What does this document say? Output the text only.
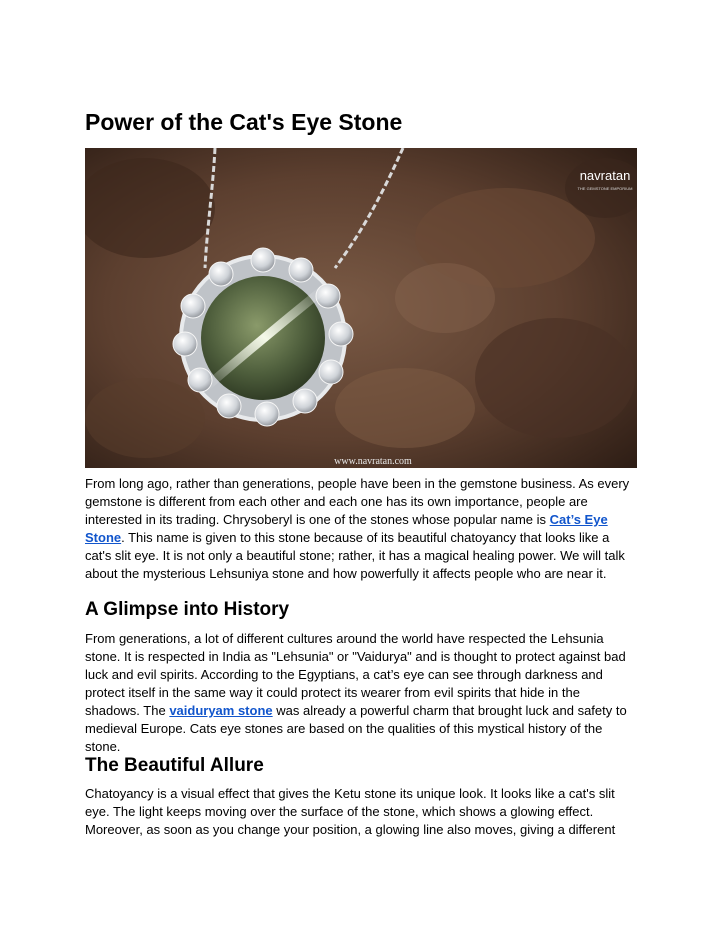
Power of the Cat's Eye Stone
navratan
THE GEMSTONE EMPORIUM
www.navratan.com

From long ago, rather than generations, people have been in the gemstone business. As every gemstone is different from each other and each one has its own importance, people are interested in its trading. Chrysoberyl is one of the stones whose popular name is Cat’s Eye Stone. This name is given to this stone because of its beautiful chatoyancy that looks like a cat's slit eye. It is not only a beautiful stone; rather, it has a magical healing power. We will talk about the mysterious Lehsuniya stone and how powerfully it affects people who are near it.

A Glimpse into History

From generations, a lot of different cultures around the world have respected the Lehsunia stone. It is respected in India as "Lehsunia" or "Vaidurya" and is thought to protect against bad luck and evil spirits. According to the Egyptians, a cat’s eye can see through darkness and protect itself in the same way it could protect its wearer from evil spirits that hide in the shadows. The vaiduryam stone was already a powerful charm that brought luck and safety to medieval Europe. Cats eye stones are based on the qualities of this mystical history of the stone.

The Beautiful Allure

Chatoyancy is a visual effect that gives the Ketu stone its unique look. It looks like a cat's slit eye. The light keeps moving over the surface of the stone, which shows a glowing effect. Moreover, as soon as you change your position, a glowing line also moves, giving a different
